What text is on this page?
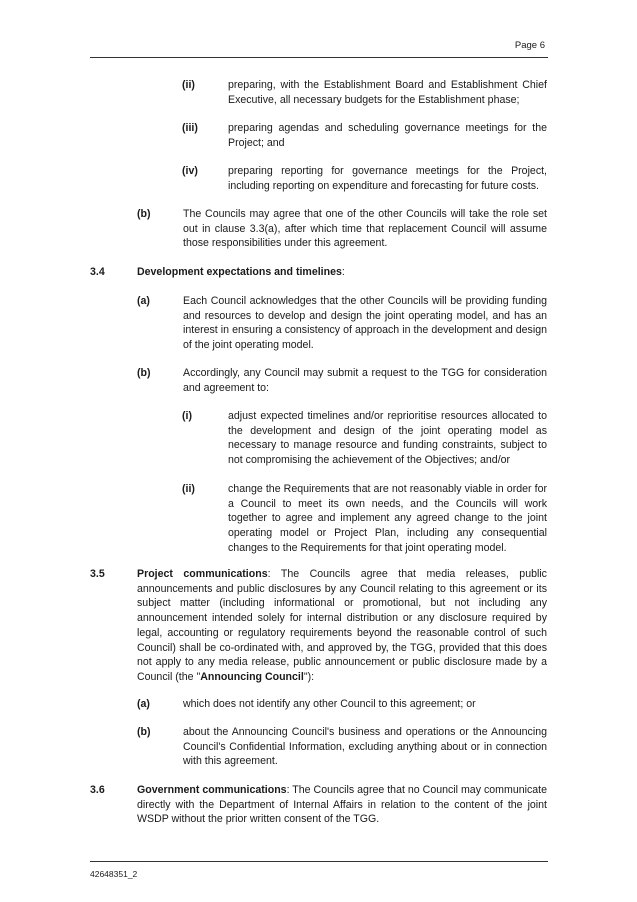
Page 6
(ii)	preparing, with the Establishment Board and Establishment Chief Executive, all necessary budgets for the Establishment phase;
(iii)	preparing agendas and scheduling governance meetings for the Project; and
(iv)	preparing reporting for governance meetings for the Project, including reporting on expenditure and forecasting for future costs.
(b)	The Councils may agree that one of the other Councils will take the role set out in clause 3.3(a), after which time that replacement Council will assume those responsibilities under this agreement.
3.4	Development expectations and timelines:
(a)	Each Council acknowledges that the other Councils will be providing funding and resources to develop and design the joint operating model, and has an interest in ensuring a consistency of approach in the development and design of the joint operating model.
(b)	Accordingly, any Council may submit a request to the TGG for consideration and agreement to:
(i)	adjust expected timelines and/or reprioritise resources allocated to the development and design of the joint operating model as necessary to manage resource and funding constraints, subject to not compromising the achievement of the Objectives; and/or
(ii)	change the Requirements that are not reasonably viable in order for a Council to meet its own needs, and the Councils will work together to agree and implement any agreed change to the joint operating model or Project Plan, including any consequential changes to the Requirements for that joint operating model.
3.5	Project communications: The Councils agree that media releases, public announcements and public disclosures by any Council relating to this agreement or its subject matter (including informational or promotional, but not including any announcement intended solely for internal distribution or any disclosure required by legal, accounting or regulatory requirements beyond the reasonable control of such Council) shall be co-ordinated with, and approved by, the TGG, provided that this does not apply to any media release, public announcement or public disclosure made by a Council (the "Announcing Council"):
(a)	which does not identify any other Council to this agreement; or
(b)	about the Announcing Council's business and operations or the Announcing Council's Confidential Information, excluding anything about or in connection with this agreement.
3.6	Government communications: The Councils agree that no Council may communicate directly with the Department of Internal Affairs in relation to the content of the joint WSDP without the prior written consent of the TGG.
42648351_2
